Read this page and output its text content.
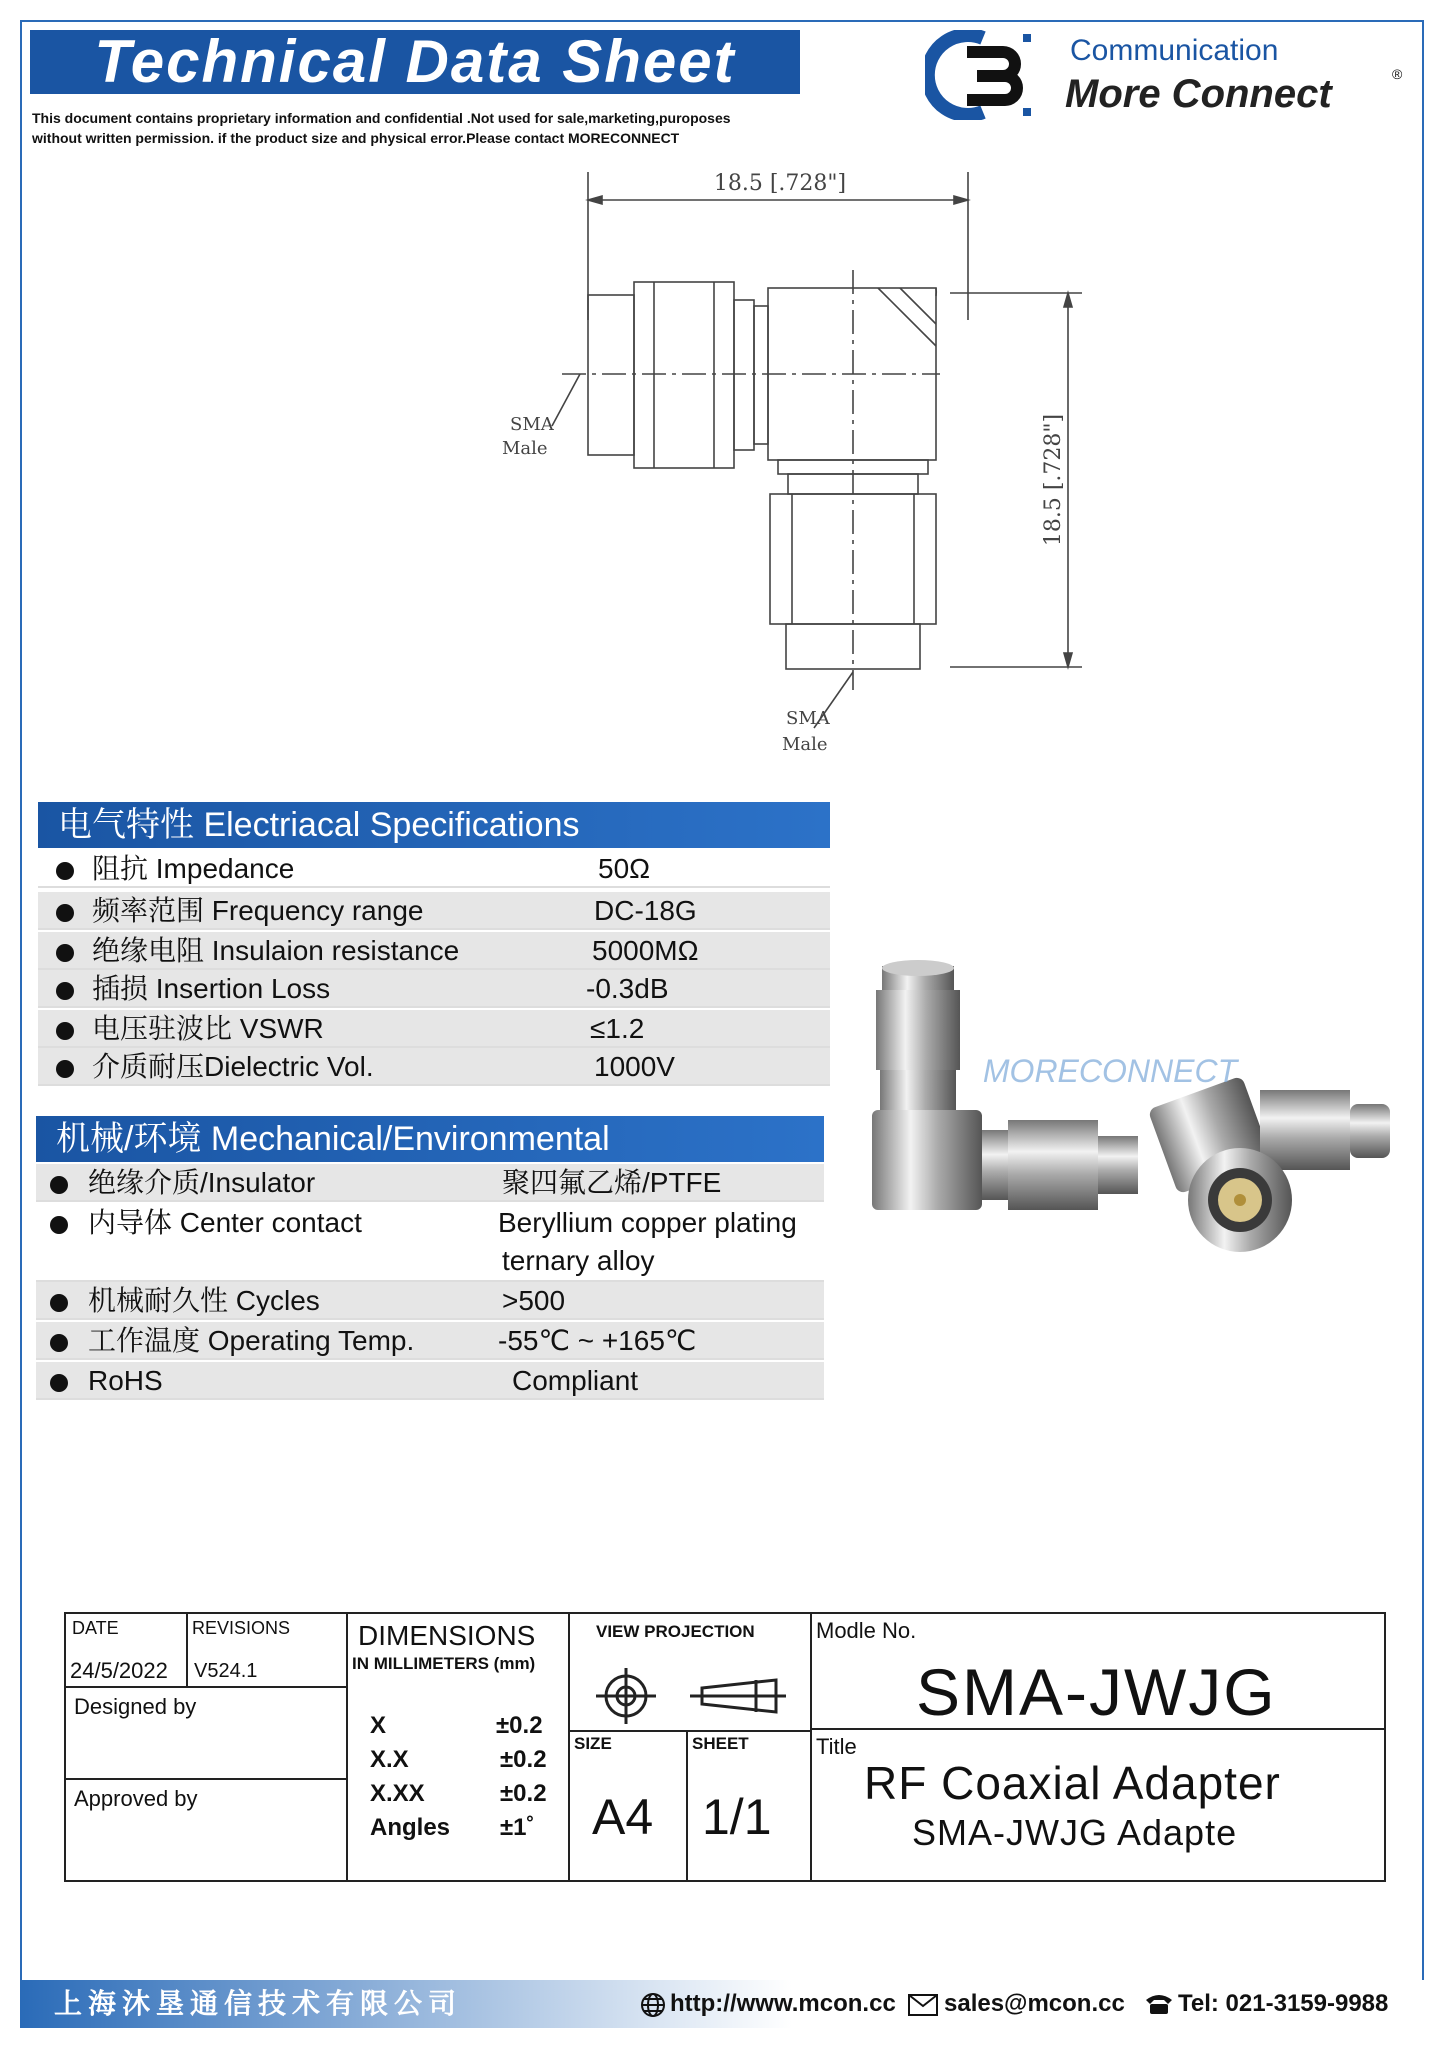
Technical Data Sheet
This document contains proprietary information and confidential .Not used for sale,marketing,puroposes
without written permission. if the product size and physical error.Please contact MORECONNECT
Communication
More Connect	®
18.5 [.728"]
18.5 [.728"]
SMA
Male
SMA
Male
电气特性 Electriacal Specifications
阻抗 Impedance	50Ω
频率范围 Frequency range	DC-18G
绝缘电阻 Insulaion resistance	5000MΩ
插损 Insertion Loss	-0.3dB
电压驻波比 VSWR	≤1.2
介质耐压Dielectric Vol.	1000V
机械/环境 Mechanical/Environmental
绝缘介质/Insulator	聚四氟乙烯/PTFE
内导体 Center contact	Beryllium copper plating
ternary alloy
机械耐久性 Cycles	>500
工作温度 Operating Temp.	-55℃ ~ +165℃
RoHS	Compliant
MORECONNECT
DATE
24/5/2022
REVISIONS
V524.1
Designed by
Approved by
DIMENSIONS
IN MILLIMETERS (mm)
X	±0.2
X.X	±0.2
X.XX	±0.2
Angles ±1˚
VIEW PROJECTION
SIZE
A4
SHEET
1/1
Modle No.
SMA-JWJG
Title
RF Coaxial Adapter
SMA-JWJG Adapte
上海沐垦通信技术有限公司	http://www.mcon.cc sales@mcon.cc Tel: 021-3159-9988
